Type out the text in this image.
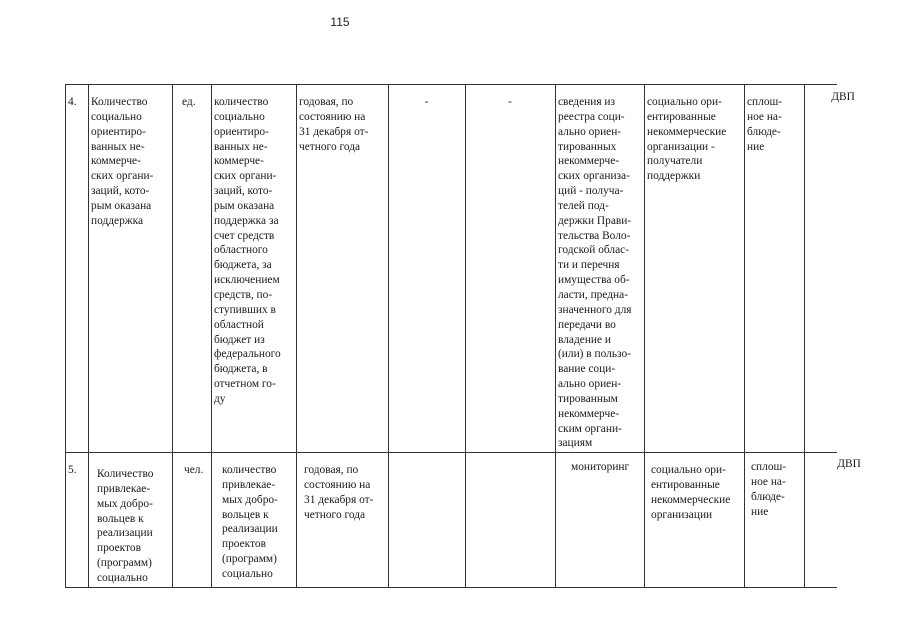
115
4. Количество
социально
ориентиро-
ванных не-
коммерче-
ских органи-
заций, кото-
рым оказана
поддержка
ед. количество
социально
ориентиро-
ванных не-
коммерче-
ских органи-
заций, кото-
рым оказана
поддержка за
счет средств
областного
бюджета, за
исключением
средств, по-
ступивших в
областной
бюджет из
федерального
бюджета, в
отчетном го-
ду
годовая, по
состоянию на
31 декабря от-
четного года
-	-	сведения из
реестра соци-
ально ориен-
тированных
некоммерче-
ских организа-
ций - получа-
телей под-
держки Прави-
тельства Воло-
годской облас-
ти и перечня
имущества об-
ласти, предна-
значенного для
передачи во
владение и
(или) в пользо-
вание соци-
ально ориен-
тированным
некоммерче-
ским органи-
зациям
социально ори-
ентированные
некоммерческие
организации -
получатели
поддержки
сплош-
ное на-
блюде-
ние
ДВП
5. Количество
привлекае-
мых добро-
вольцев к
реализации
проектов
(программ)
социально
чел. количество
привлекае-
мых добро-
вольцев к
реализации
проектов
(программ)
социально
годовая, по
состоянию на
31 декабря от-
четного года
мониторинг социально ори-
ентированные
некоммерческие
организации
сплош-
ное на-
блюде-
ние
ДВП
